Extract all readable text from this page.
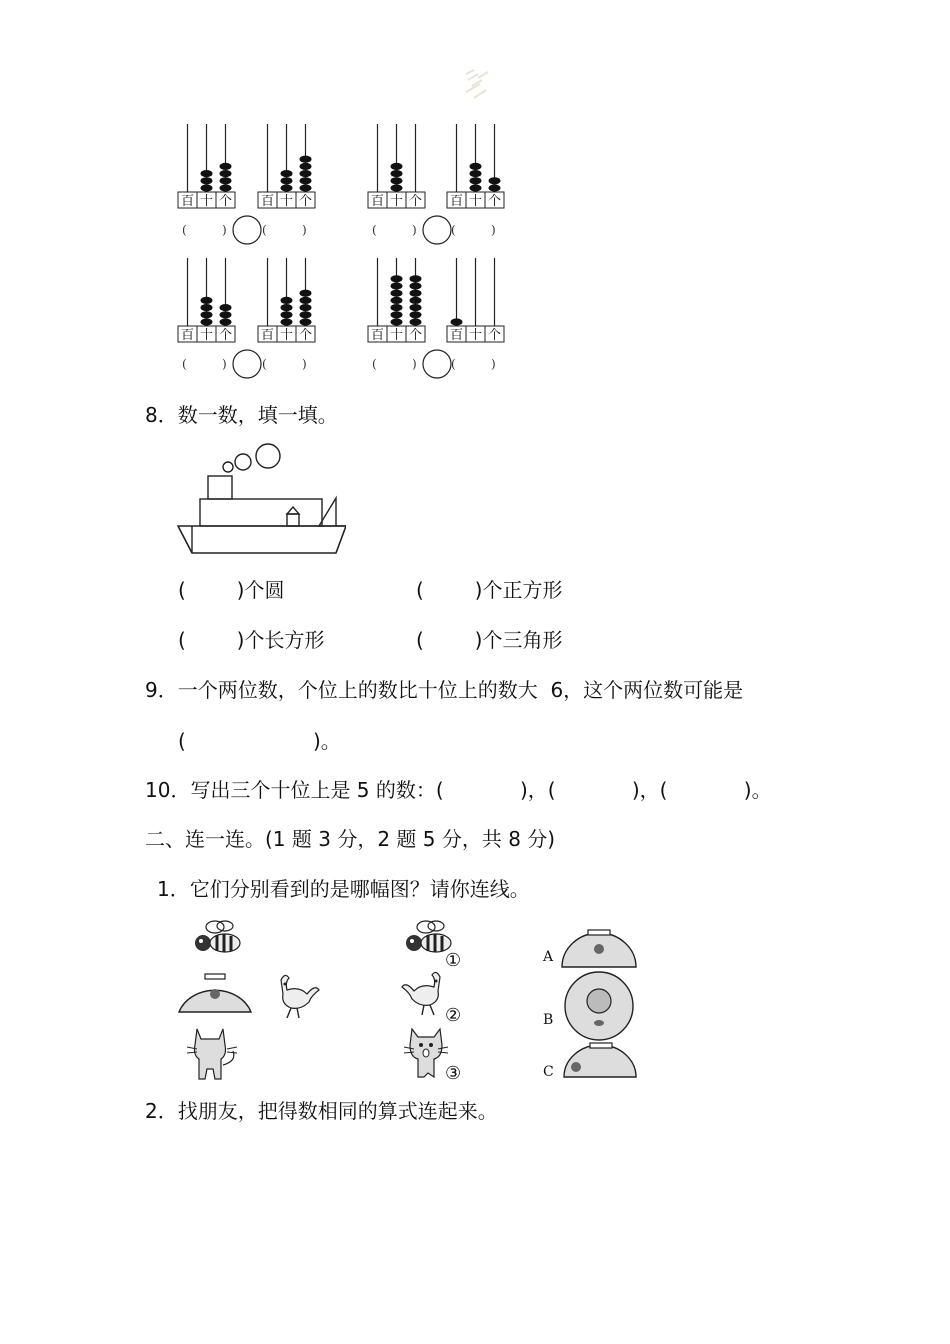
百 十 个
(	)
百 十 个
(	)
百 十 个
(	)
百 十 个
(	)
百 十 个
(	)
百 十 个
(	)
百 十 个
(	)
百 十 个
(	)
8．数一数，填一填。
(        )个圆	(        )个正方形
(        )个长方形	(        )个三角形
9．一个两位数，个位上的数比十位上的数大  6，这个两位数可能是
(                    )。
10．写出三个十位上是 5 的数：(            )，(            )，(            )。
二、连一连。(1 题 3 分，2 题 5 分，共 8 分)
1．它们分别看到的是哪幅图？请你连线。
①
②
③
A
B
C
2．找朋友，把得数相同的算式连起来。
